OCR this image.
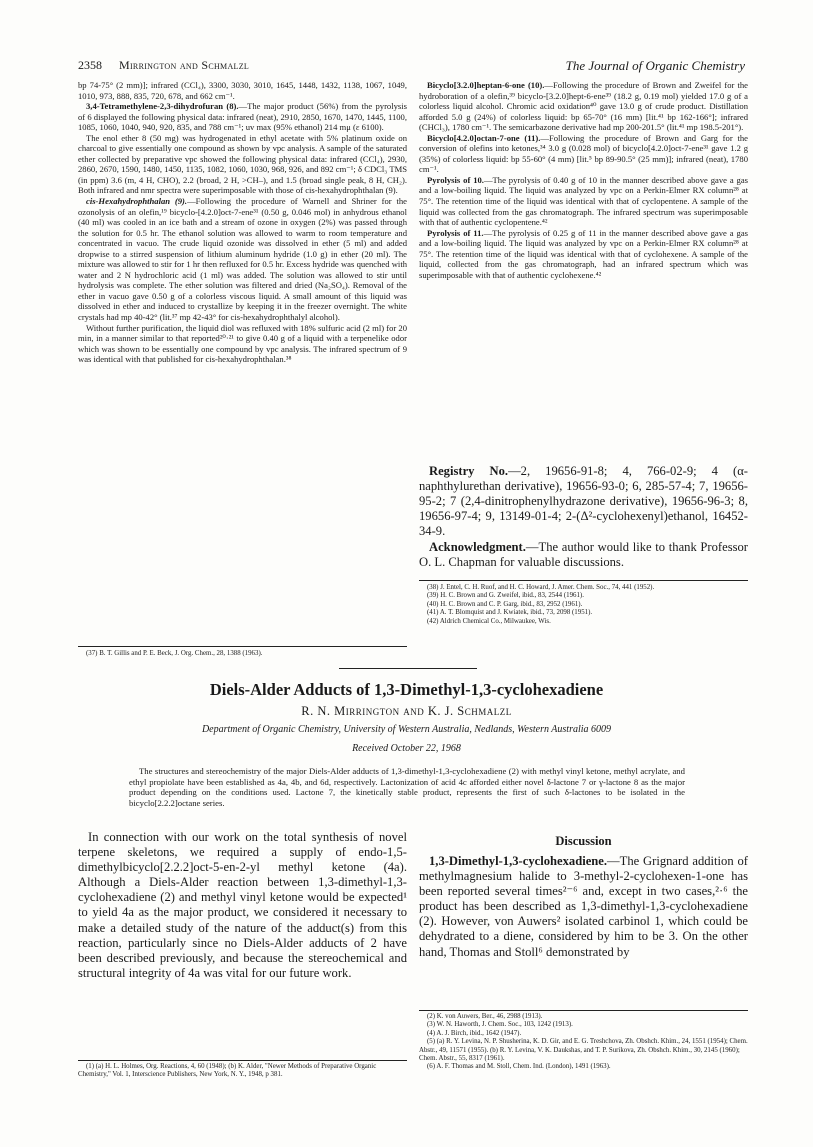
2358 Mirrington and Schmalzl	The Journal of Organic Chemistry

bp 74-75° (2 mm)]; infrared (CCl₄), 3300, 3030, 3010, 1645, 1448, 1432, 1138, 1067, 1049, 1010, 973, 888, 835, 720, 678, and 662 cm⁻¹.

3,4-Tetramethylene-2,3-dihydrofuran (8).—The major product (56%) from the pyrolysis of 6 displayed the following physical data: infrared (neat), 2910, 2850, 1670, 1470, 1445, 1100, 1085, 1060, 1040, 940, 920, 835, and 788 cm⁻¹; uv max (95% ethanol) 214 mμ (ε 6100).

The enol ether 8 (50 mg) was hydrogenated in ethyl acetate with 5% platinum oxide on charcoal to give essentially one compound as shown by vpc analysis. A sample of the saturated ether collected by preparative vpc showed the following physical data: infrared (CCl₄), 2930, 2860, 2670, 1590, 1480, 1450, 1135, 1082, 1060, 1030, 968, 926, and 892 cm⁻¹; δ CDCl₃ TMS (in ppm) 3.6 (m, 4 H, CHO), 2.2 (broad, 2 H, >CH–), and 1.5 (broad single peak, 8 H, CH₂). Both infrared and nmr spectra were superimposable with those of cis-hexahydrophthalan (9).

cis-Hexahydrophthalan (9).—Following the procedure of Warnell and Shriner for the ozonolysis of an olefin,¹⁹ bicyclo-[4.2.0]oct-7-ene³¹ (0.50 g, 0.046 mol) in anhydrous ethanol (40 ml) was cooled in an ice bath and a stream of ozone in oxygen (2%) was passed through the solution for 0.5 hr. The ethanol solution was allowed to warm to room temperature and concentrated in vacuo. The crude liquid ozonide was dissolved in ether (5 ml) and added dropwise to a stirred suspension of lithium aluminum hydride (1.0 g) in ether (20 ml). The mixture was allowed to stir for 1 hr then refluxed for 0.5 hr. Excess hydride was quenched with water and 2 N hydrochloric acid (1 ml) was added. The solution was allowed to stir until hydrolysis was complete. The ether solution was filtered and dried (Na₂SO₄). Removal of the ether in vacuo gave 0.50 g of a colorless viscous liquid. A small amount of this liquid was dissolved in ether and induced to crystallize by keeping it in the freezer overnight. The white crystals had mp 40-42° (lit.³⁷ mp 42-43° for cis-hexahydrophthalyl alcohol).

Without further purification, the liquid diol was refluxed with 18% sulfuric acid (2 ml) for 20 min, in a manner similar to that reported²⁰·²¹ to give 0.40 g of a liquid with a terpenelike odor which was shown to be essentially one compound by vpc analysis. The infrared spectrum of 9 was identical with that published for cis-hexahydrophthalan.³⁸

(37) B. T. Gillis and P. E. Beck, J. Org. Chem., 28, 1388 (1963).

Bicyclo[3.2.0]heptan-6-one (10).—Following the procedure of Brown and Zweifel for the hydroboration of a olefin,³⁹ bicyclo-[3.2.0]hept-6-ene³⁹ (18.2 g, 0.19 mol) yielded 17.0 g of a colorless liquid alcohol. Chromic acid oxidation⁴⁰ gave 13.0 g of crude product. Distillation afforded 5.0 g (24%) of colorless liquid: bp 65-70° (16 mm) [lit.⁴¹ bp 162-166°]; infrared (CHCl₃), 1780 cm⁻¹. The semicarbazone derivative had mp 200-201.5° (lit.⁴¹ mp 198.5-201°).

Bicyclo[4.2.0]octan-7-one (11).—Following the procedure of Brown and Garg for the conversion of olefins into ketones,³⁴ 3.0 g (0.028 mol) of bicyclo[4.2.0]oct-7-ene³¹ gave 1.2 g (35%) of colorless liquid: bp 55-60° (4 mm) [lit.⁵ bp 89-90.5° (25 mm)]; infrared (neat), 1780 cm⁻¹.

Pyrolysis of 10.—The pyrolysis of 0.40 g of 10 in the manner described above gave a gas and a low-boiling liquid. The liquid was analyzed by vpc on a Perkin-Elmer RX column²⁸ at 75°. The retention time of the liquid was identical with that of cyclopentene. A sample of the liquid was collected from the gas chromatograph. The infrared spectrum was superimposable with that of authentic cyclopentene.⁴²

Pyrolysis of 11.—The pyrolysis of 0.25 g of 11 in the manner described above gave a gas and a low-boiling liquid. The liquid was analyzed by vpc on a Perkin-Elmer RX column²⁸ at 75°. The retention time of the liquid was identical with that of cyclohexene. A sample of the liquid, collected from the gas chromatograph, had an infrared spectrum which was superimposable with that of authentic cyclohexene.⁴²

Registry No.—2, 19656-91-8; 4, 766-02-9; 4 (α-naphthylurethan derivative), 19656-93-0; 6, 285-57-4; 7, 19656-95-2; 7 (2,4-dinitrophenylhydrazone derivative), 19656-96-3; 8, 19656-97-4; 9, 13149-01-4; 2-(Δ²-cyclohexenyl)ethanol, 16452-34-9.

Acknowledgment.—The author would like to thank Professor O. L. Chapman for valuable discussions.

(38) J. Entel, C. H. Ruof, and H. C. Howard, J. Amer. Chem. Soc., 74, 441 (1952).

(39) H. C. Brown and G. Zweifel, ibid., 83, 2544 (1961).

(40) H. C. Brown and C. P. Garg, ibid., 83, 2952 (1961).

(41) A. T. Blomquist and J. Kwiatek, ibid., 73, 2098 (1951).

(42) Aldrich Chemical Co., Milwaukee, Wis.

Diels-Alder Adducts of 1,3-Dimethyl-1,3-cyclohexadiene
R. N. Mirrington and K. J. Schmalzl
Department of Organic Chemistry, University of Western Australia, Nedlands, Western Australia 6009
Received October 22, 1968
The structures and stereochemistry of the major Diels-Alder adducts of 1,3-dimethyl-1,3-cyclohexadiene (2) with methyl vinyl ketone, methyl acrylate, and ethyl propiolate have been established as 4a, 4b, and 6d, respectively. Lactonization of acid 4c afforded either novel δ-lactone 7 or γ-lactone 8 as the major product depending on the conditions used. Lactone 7, the kinetically stable product, represents the first of such δ-lactones to be isolated in the bicyclo[2.2.2]octane series.

In connection with our work on the total synthesis of novel terpene skeletons, we required a supply of endo-1,5-dimethylbicyclo[2.2.2]oct-5-en-2-yl methyl ketone (4a). Although a Diels-Alder reaction between 1,3-dimethyl-1,3-cyclohexadiene (2) and methyl vinyl ketone would be expected¹ to yield 4a as the major product, we considered it necessary to make a detailed study of the nature of the adduct(s) from this reaction, particularly since no Diels-Alder adducts of 2 have been described previously, and because the stereochemical and structural integrity of 4a was vital for our future work.

(1) (a) H. L. Holmes, Org. Reactions, 4, 60 (1948); (b) K. Alder, "Newer Methods of Preparative Organic Chemistry," Vol. 1, Interscience Publishers, New York, N. Y., 1948, p 381.

Discussion

1,3-Dimethyl-1,3-cyclohexadiene.—The Grignard addition of methylmagnesium halide to 3-methyl-2-cyclohexen-1-one has been reported several times²⁻⁶ and, except in two cases,²·⁶ the product has been described as 1,3-dimethyl-1,3-cyclohexadiene (2). However, von Auwers² isolated carbinol 1, which could be dehydrated to a diene, considered by him to be 3. On the other hand, Thomas and Stoll⁶ demonstrated by

(2) K. von Auwers, Ber., 46, 2988 (1913).

(3) W. N. Haworth, J. Chem. Soc., 103, 1242 (1913).

(4) A. J. Birch, ibid., 1642 (1947).

(5) (a) R. Y. Levina, N. P. Shusherina, K. D. Gir, and E. G. Treshchova, Zh. Obshch. Khim., 24, 1551 (1954); Chem. Abstr., 49, 11571 (1955). (b) R. Y. Levina, V. K. Daukshas, and T. P. Surikova, Zh. Obshch. Khim., 30, 2145 (1960); Chem. Abstr., 55, 8317 (1961).

(6) A. F. Thomas and M. Stoll, Chem. Ind. (London), 1491 (1963).
